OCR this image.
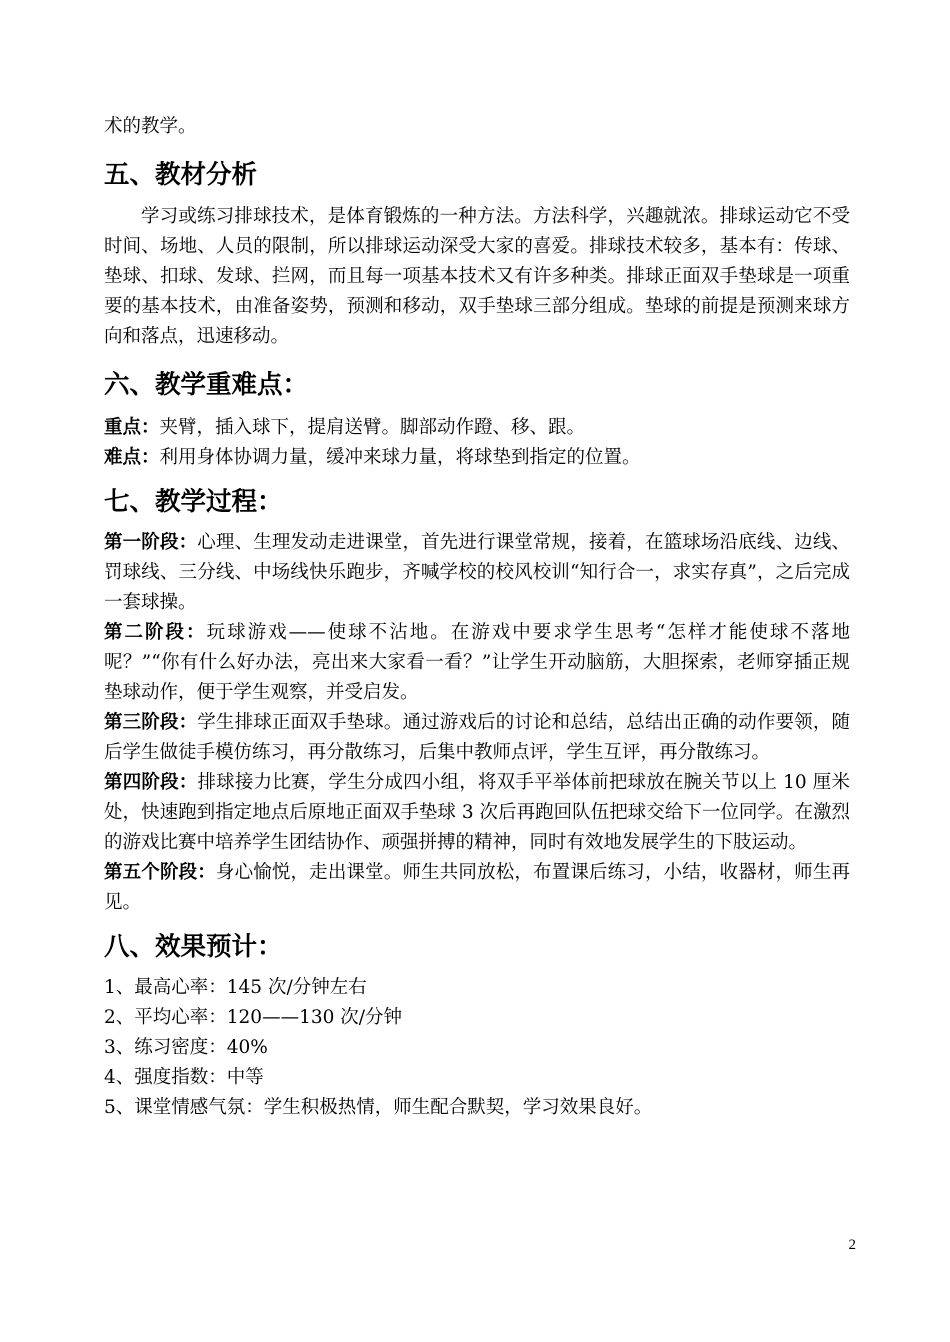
术的教学。

五、教材分析

学习或练习排球技术，是体育锻炼的一种方法。方法科学，兴趣就浓。排球运动它不受时间、场地、人员的限制，所以排球运动深受大家的喜爱。排球技术较多，基本有：传球、垫球、扣球、发球、拦网，而且每一项基本技术又有许多种类。排球正面双手垫球是一项重要的基本技术，由准备姿势，预测和移动，双手垫球三部分组成。垫球的前提是预测来球方向和落点，迅速移动。

六、教学重难点：

重点：夹臂，插入球下，提肩送臂。脚部动作蹬、移、跟。

难点：利用身体协调力量，缓冲来球力量，将球垫到指定的位置。

七、教学过程：

第一阶段：心理、生理发动走进课堂，首先进行课堂常规，接着，在篮球场沿底线、边线、罚球线、三分线、中场线快乐跑步，齐喊学校的校风校训“知行合一，求实存真”，之后完成一套球操。

第二阶段：玩球游戏——使球不沾地。在游戏中要求学生思考“怎样才能使球不落地呢？”“你有什么好办法，亮出来大家看一看？”让学生开动脑筋，大胆探索，老师穿插正规垫球动作，便于学生观察，并受启发。

第三阶段：学生排球正面双手垫球。通过游戏后的讨论和总结，总结出正确的动作要领，随后学生做徒手模仿练习，再分散练习，后集中教师点评，学生互评，再分散练习。

第四阶段：排球接力比赛，学生分成四小组，将双手平举体前把球放在腕关节以上 10 厘米处，快速跑到指定地点后原地正面双手垫球 3 次后再跑回队伍把球交给下一位同学。在激烈的游戏比赛中培养学生团结协作、顽强拼搏的精神，同时有效地发展学生的下肢运动。

第五个阶段：身心愉悦，走出课堂。师生共同放松，布置课后练习，小结，收器材，师生再见。

八、效果预计：
1、最高心率：145 次/分钟左右
2、平均心率：120——130 次/分钟
3、练习密度：40%
4、强度指数：中等
5、课堂情感气氛：学生积极热情，师生配合默契，学习效果良好。
2
